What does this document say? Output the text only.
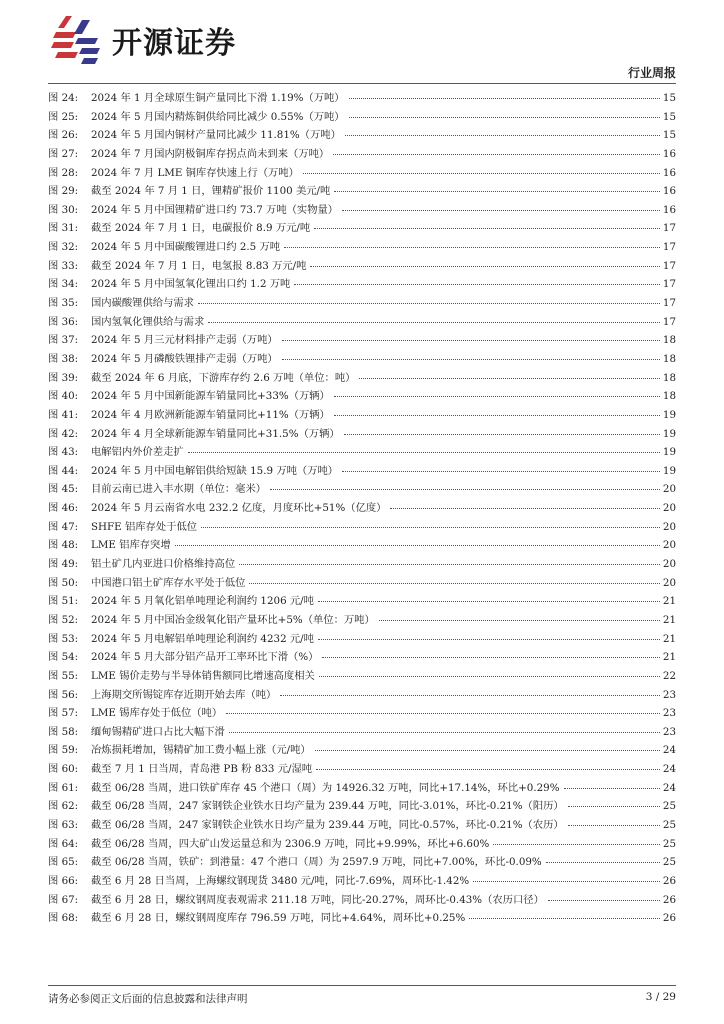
开源证券
行业周报
图 24:	2024 年 1 月全球原生铜产量同比下滑 1.19%（万吨）	15
图 25:	2024 年 5 月国内精炼铜供给同比减少 0.55%（万吨）	15
图 26:	2024 年 5 月国内铜材产量同比减少 11.81%（万吨）	15
图 27:	2024 年 7 月国内阴极铜库存拐点尚未到来（万吨）	16
图 28:	2024 年 7 月 LME 铜库存快速上行（万吨）	16
图 29:	截至 2024 年 7 月 1 日，锂精矿报价 1100 美元/吨	16
图 30:	2024 年 5 月中国锂精矿进口约 73.7 万吨（实物量）	16
图 31:	截至 2024 年 7 月 1 日，电碳报价 8.9 万元/吨	17
图 32:	2024 年 5 月中国碳酸锂进口约 2.5 万吨	17
图 33:	截至 2024 年 7 月 1 日，电氢报 8.83 万元/吨	17
图 34:	2024 年 5 月中国氢氧化锂出口约 1.2 万吨	17
图 35:	国内碳酸锂供给与需求	17
图 36:	国内氢氧化锂供给与需求	17
图 37:	2024 年 5 月三元材料排产走弱（万吨）	18
图 38:	2024 年 5 月磷酸铁锂排产走弱（万吨）	18
图 39:	截至 2024 年 6 月底，下游库存约 2.6 万吨（单位：吨）	18
图 40:	2024 年 5 月中国新能源车销量同比+33%（万辆）	18
图 41:	2024 年 4 月欧洲新能源车销量同比+11%（万辆）	19
图 42:	2024 年 4 月全球新能源车销量同比+31.5%（万辆）	19
图 43:	电解铝内外价差走扩	19
图 44:	2024 年 5 月中国电解铝供给短缺 15.9 万吨（万吨）	19
图 45:	目前云南已进入丰水期（单位：毫米）	20
图 46:	2024 年 5 月云南省水电 232.2 亿度，月度环比+51%（亿度）	20
图 47:	SHFE 铝库存处于低位	20
图 48:	LME 铝库存突增	20
图 49:	铝土矿几内亚进口价格维持高位	20
图 50:	中国港口铝土矿库存水平处于低位	20
图 51:	2024 年 5 月氧化铝单吨理论利润约 1206 元/吨	21
图 52:	2024 年 5 月中国冶金级氧化铝产量环比+5%（单位：万吨）	21
图 53:	2024 年 5 月电解铝单吨理论利润约 4232 元/吨	21
图 54:	2024 年 5 月大部分铝产品开工率环比下滑（%）	21
图 55:	LME 锡价走势与半导体销售额同比增速高度相关	22
图 56:	上海期交所锡锭库存近期开始去库（吨）	23
图 57:	LME 锡库存处于低位（吨）	23
图 58:	缅甸锡精矿进口占比大幅下滑	23
图 59:	冶炼损耗增加，锡精矿加工费小幅上涨（元/吨）	24
图 60:	截至 7 月 1 日当周，青岛港 PB 粉 833 元/湿吨	24
图 61:	截至 06/28 当周，进口铁矿库存 45 个港口（周）为 14926.32 万吨，同比+17.14%，环比+0.29%	24
图 62:	截至 06/28 当周，247 家钢铁企业铁水日均产量为 239.44 万吨，同比-3.01%，环比-0.21%（阳历）	25
图 63:	截至 06/28 当周，247 家钢铁企业铁水日均产量为 239.44 万吨，同比-0.57%，环比-0.21%（农历）	25
图 64:	截至 06/28 当周，四大矿山发运量总和为 2306.9 万吨，同比+9.99%，环比+6.60%	25
图 65:	截至 06/28 当周，铁矿：到港量：47 个港口（周）为 2597.9 万吨，同比+7.00%，环比-0.09%	25
图 66:	截至 6 月 28 日当周，上海螺纹钢现货 3480 元/吨，同比-7.69%，周环比-1.42%	26
图 67:	截至 6 月 28 日，螺纹钢周度表观需求 211.18 万吨，同比-20.27%，周环比-0.43%（农历口径）	26
图 68:	截至 6 月 28 日，螺纹钢周度库存 796.59 万吨，同比+4.64%，周环比+0.25%	26
请务必参阅正文后面的信息披露和法律声明	3 / 29
